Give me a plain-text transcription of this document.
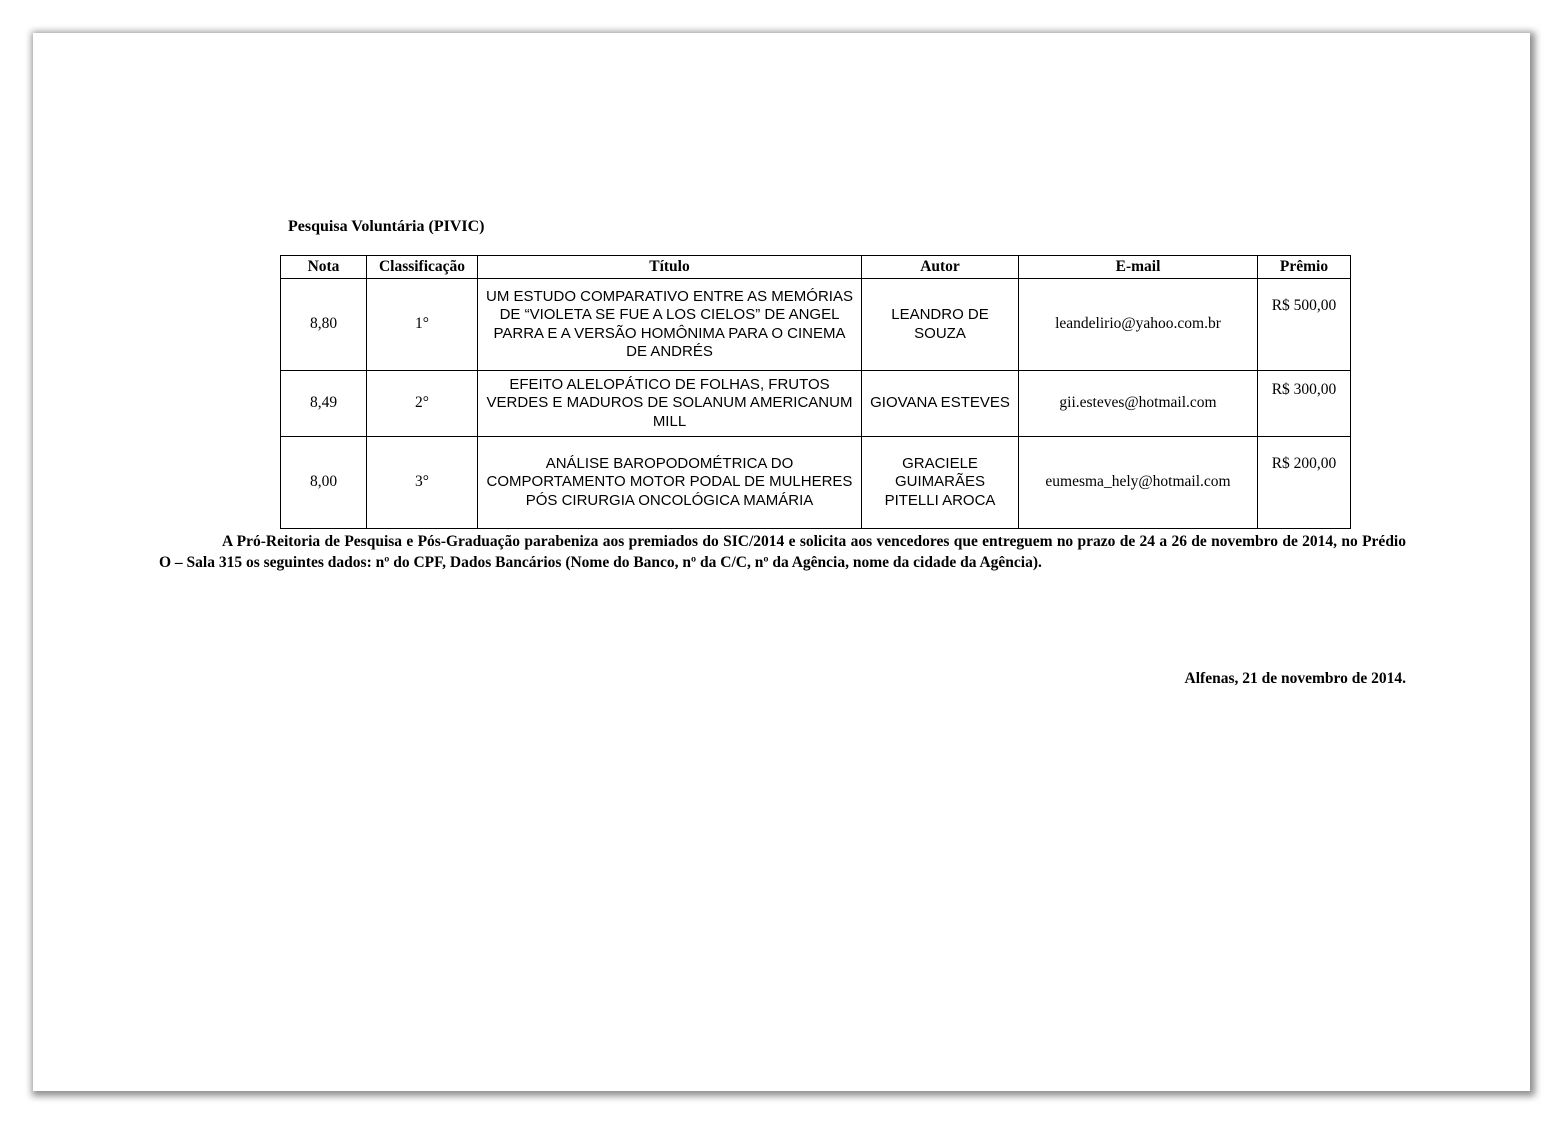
Pesquisa Voluntária (PIVIC)
Nota	Classificação	Título	Autor	E-mail	Prêmio
8,80	1°	UM ESTUDO COMPARATIVO ENTRE AS MEMÓRIAS DE “VIOLETA SE FUE A LOS CIELOS” DE ANGEL PARRA E A VERSÃO HOMÔNIMA PARA O CINEMA DE ANDRÉS	LEANDRO DE SOUZA	leandelirio@yahoo.com.br	R$ 500,00
8,49	2°	EFEITO ALELOPÁTICO DE FOLHAS, FRUTOS VERDES E MADUROS DE SOLANUM AMERICANUM MILL	GIOVANA ESTEVES	gii.esteves@hotmail.com	R$ 300,00
8,00	3°	ANÁLISE BAROPODOMÉTRICA DO COMPORTAMENTO MOTOR PODAL DE MULHERES PÓS CIRURGIA ONCOLÓGICA MAMÁRIA	GRACIELE GUIMARÃES PITELLI AROCA	eumesma_hely@hotmail.com	R$ 200,00
A Pró-Reitoria de Pesquisa e Pós-Graduação parabeniza aos premiados do SIC/2014 e solicita aos vencedores que entreguem no prazo de 24 a 26 de novembro de 2014, no Prédio O – Sala 315 os seguintes dados: nº do CPF, Dados Bancários (Nome do Banco, nº da C/C, nº da Agência, nome da cidade da Agência).
Alfenas, 21 de novembro de 2014.
